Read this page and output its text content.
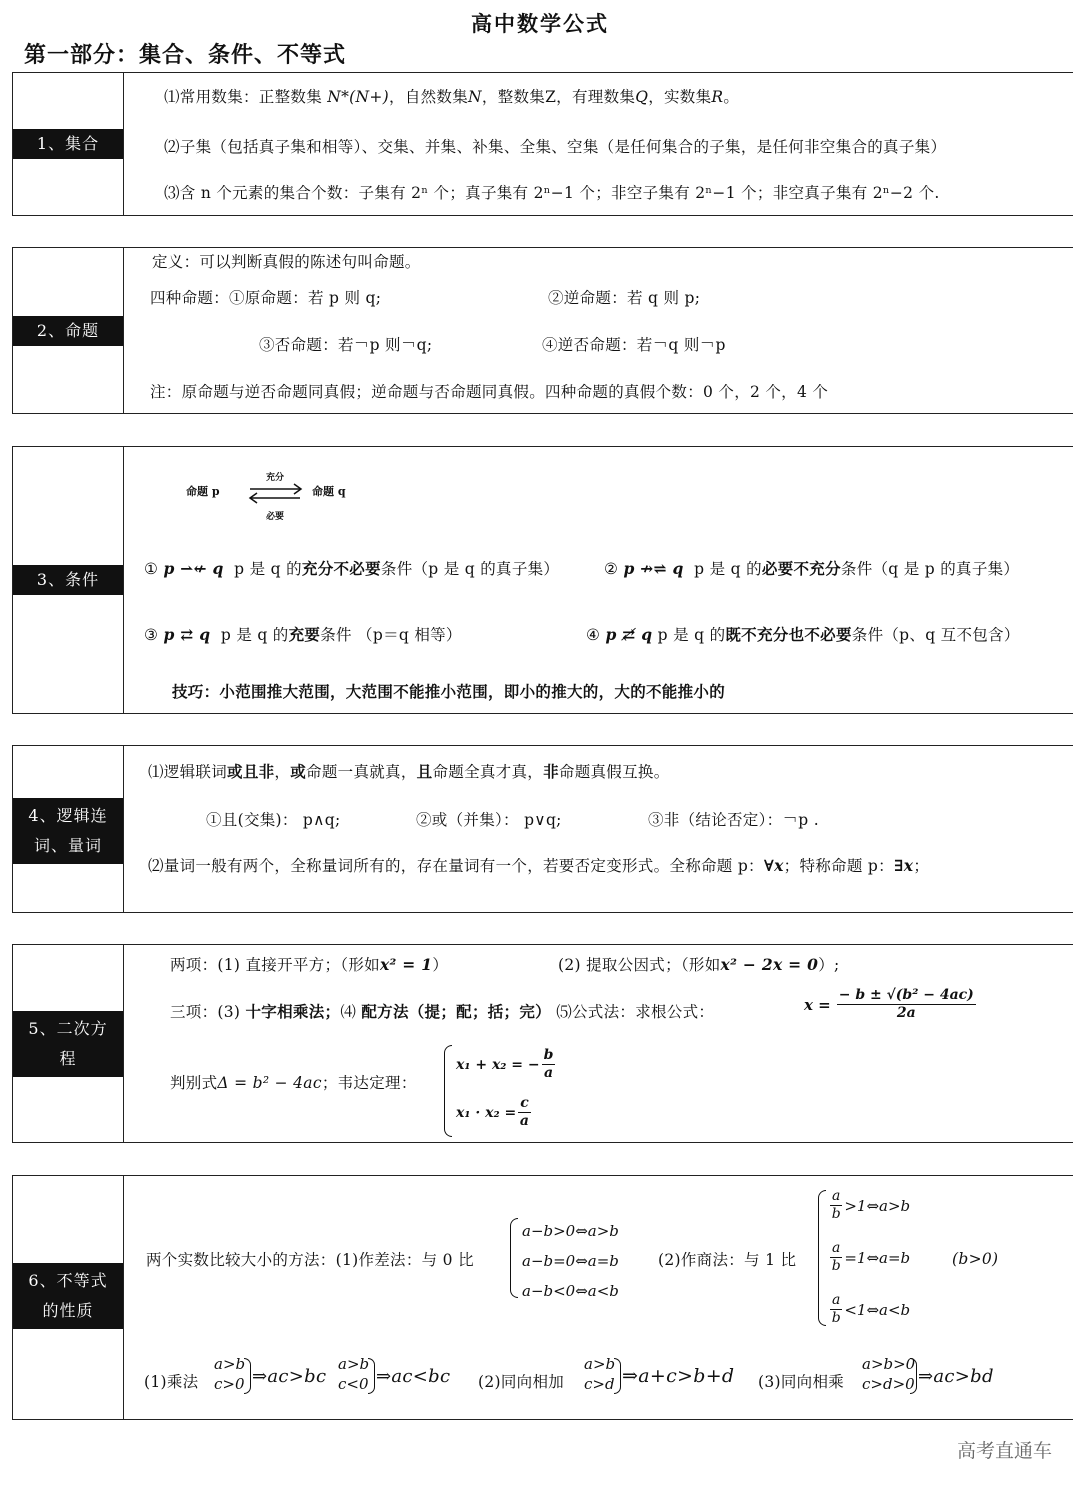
高中数学公式
第一部分：集合、条件、不等式
1、集合
⑴常用数集：正整数集 N*(N+)，自然数集N，整数集Z，有理数集Q，实数集R。
⑵子集（包括真子集和相等）、交集、并集、补集、全集、空集（是任何集合的子集，是任何非空集合的真子集）
⑶含 n 个元素的集合个数：子集有 2ⁿ 个；真子集有 2ⁿ−1 个；非空子集有 2ⁿ−1 个；非空真子集有 2ⁿ−2 个.
2、命题
定义：可以判断真假的陈述句叫命题。
四种命题：①原命题：若 p 则 q;	②逆命题：若 q 则 p;
③否命题：若￢p 则￢q;	④逆否命题：若￢q 则￢p
注：原命题与逆否命题同真假；逆命题与否命题同真假。四种命题的真假个数：0 个，2 个，4 个
3、条件
命题 p
充分
必要
命题 q
① p ⇀↚ q p 是 q 的充分不必要条件（p 是 q 的真子集）	② p ↛⇌ q p 是 q 的必要不充分条件（q 是 p 的真子集）
③ p ⇄ q p 是 q 的充要条件 （p＝q 相等）	④ p ⇄̸ q p 是 q 的既不充分也不必要条件（p、q 互不包含）
技巧：小范围推大范围，大范围不能推小范围，即小的推大的，大的不能推小的
4、逻辑连
词、量词
⑴逻辑联词或且非，或命题一真就真，且命题全真才真，非命题真假互换。
①且(交集)： p∧q;	②或（并集）： p∨q;	③非（结论否定）：￢p .
⑵量词一般有两个，全称量词所有的，存在量词有一个，若要否定变形式。全称命题 p：∀x；特称命题 p：∃x；
5、二次方
程
两项：(1) 直接开平方；（形如x² = 1）	(2) 提取公因式；（形如x² − 2x = 0）;
三项：(3) 十字相乘法；⑷ 配方法（提；配；括；完） ⑸公式法：求根公式：	$x = \frac{\text{− b ± √(b² − 4ac)}}{2a}$
判别式Δ = b² − 4ac；韦达定理：
x₁ + x₂ = − $\frac{b}{a}$
$x_1 \cdot x_2 = \frac{c}{a}$
6、不等式
的性质
两个实数比较大小的方法：(1)作差法：与 0 比
a−b>0⇔a>b
a−b=0⇔a=b
a−b<0⇔a<b
(2)作商法：与 1 比
$\frac{a}{b}$ >1⇔a>b
$\frac{a}{b}$ =1⇔a=b
$\frac{a}{b}$ <1⇔a<b
(b>0)
(1)乘法
a>b
c>0 ⇒ac>bc
a>b
c<0 ⇒ac<bc (2)同向相加
a>b
c>d ⇒a+c>b+d (3)同向相乘
a>b>0
c>d>0 ⇒ac>bd
高考直通车
